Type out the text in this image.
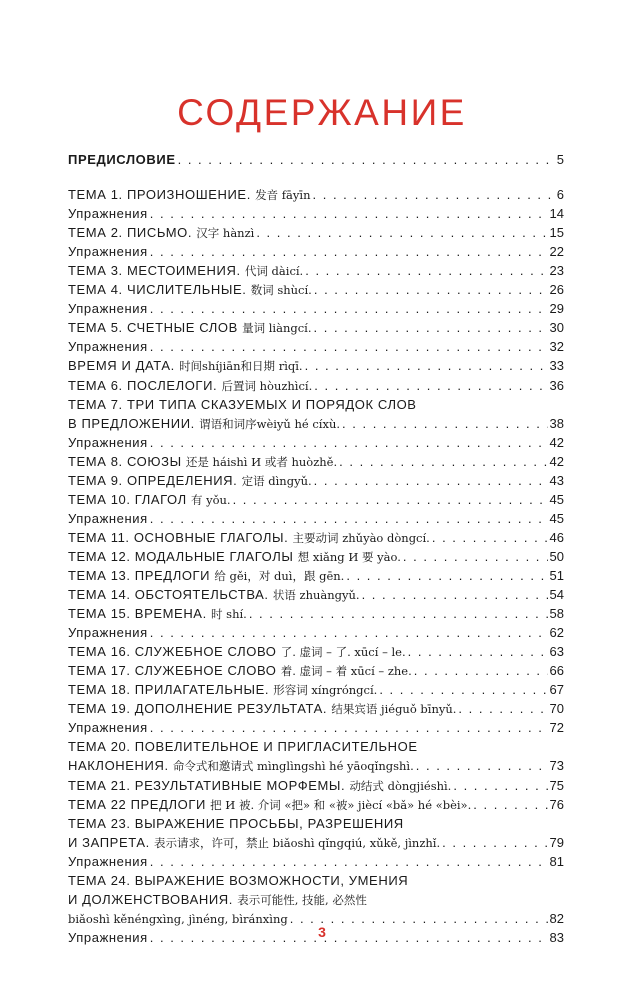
СОДЕРЖАНИЕ
ПРЕДИСЛОВИЕ . . .	5
ТЕМА 1. ПРОИЗНОШЕНИЕ. 发音 fāyīn . . .	6
Упражнения . . .	14
ТЕМА 2. ПИСЬМО. 汉字 hànzì . . .	15
Упражнения . . .	22
ТЕМА 3. МЕСТОИМЕНИЯ. 代词 dàicí. . . .	23
ТЕМА 4. ЧИСЛИТЕЛЬНЫЕ. 数词 shùcí. . . .	26
Упражнения . . .	29
ТЕМА 5. СЧЕТНЫЕ СЛОВ 量词 liàngcí. . . .	30
Упражнения . . .	32
ВРЕМЯ И ДАТА. 时间shíjiān和日期 rìqī. . . .	33
ТЕМА 6. ПОСЛЕЛОГИ. 后置词 hòuzhìcí. . . .	36
ТЕМА 7. ТРИ ТИПА СКАЗУЕМЫХ И ПОРЯДОК СЛОВ
В ПРЕДЛОЖЕНИИ. 谓语和词序wèiyǔ hé cíxù. . . .	38
Упражнения . . .	42
ТЕМА 8. СОЮЗЫ 还是 háishì И 或者 huòzhě. . . .	42
ТЕМА 9. ОПРЕДЕЛЕНИЯ. 定语 dìngyǔ. . . .	43
ТЕМА 10. ГЛАГОЛ 有 yǒu. . . .	45
Упражнения . . .	45
ТЕМА 11. ОСНОВНЫЕ ГЛАГОЛЫ. 主要动词 zhǔyào dòngcí. . . .	46
ТЕМА 12. МОДАЛЬНЫЕ ГЛАГОЛЫ 想 xiǎng И 要 yào. . . .	50
ТЕМА 13. ПРЕДЛОГИ 给 gěi，对 duì，跟 gēn. . . .	51
ТЕМА 14. ОБСТОЯТЕЛЬСТВА. 状语 zhuàngyǔ. . . .	54
ТЕМА 15. ВРЕМЕНА. 时 shí. . . .	58
Упражнения . . .	62
ТЕМА 16. СЛУЖЕБНОЕ СЛОВО 了. 虚词 – 了. xūcí – le. . . .	63
ТЕМА 17. СЛУЖЕБНОЕ СЛОВО 着. 虚词 – 着 xūcí – zhe. . . .	66
ТЕМА 18. ПРИЛАГАТЕЛЬНЫЕ. 形容词 xíngróngcí. . . .	67
ТЕМА 19. ДОПОЛНЕНИЕ РЕЗУЛЬТАТА. 结果宾语 jiéguǒ bīnyǔ. . . .	70
Упражнения . . .	72
ТЕМА 20. ПОВЕЛИТЕЛЬНОЕ И ПРИГЛАСИТЕЛЬНОЕ
НАКЛОНЕНИЯ. 命令式和邀请式 mìnglìngshì hé yāoqǐngshì. . . .	73
ТЕМА 21. РЕЗУЛЬТАТИВНЫЕ МОРФЕМЫ. 动结式 dòngjiéshì. . . .	75
ТЕМА 22 ПРЕДЛОГИ 把 И 被. 介词 «把» 和 «被» jiècí «bǎ» hé «bèi». . . .	76
ТЕМА 23. ВЫРАЖЕНИЕ ПРОСЬБЫ, РАЗРЕШЕНИЯ
И ЗАПРЕТА. 表示请求，许可，禁止 biǎoshì qǐngqiú, xǔkě, jìnzhǐ. . . .	79
Упражнения . . .	81
ТЕМА 24. ВЫРАЖЕНИЕ ВОЗМОЖНОСТИ, УМЕНИЯ
И ДОЛЖЕНСТВОВАНИЯ. 表示可能性, 技能, 必然性
biǎoshì kěnéngxìng, jìnéng, bìránxìng . . .	82
Упражнения . . .	83
3
